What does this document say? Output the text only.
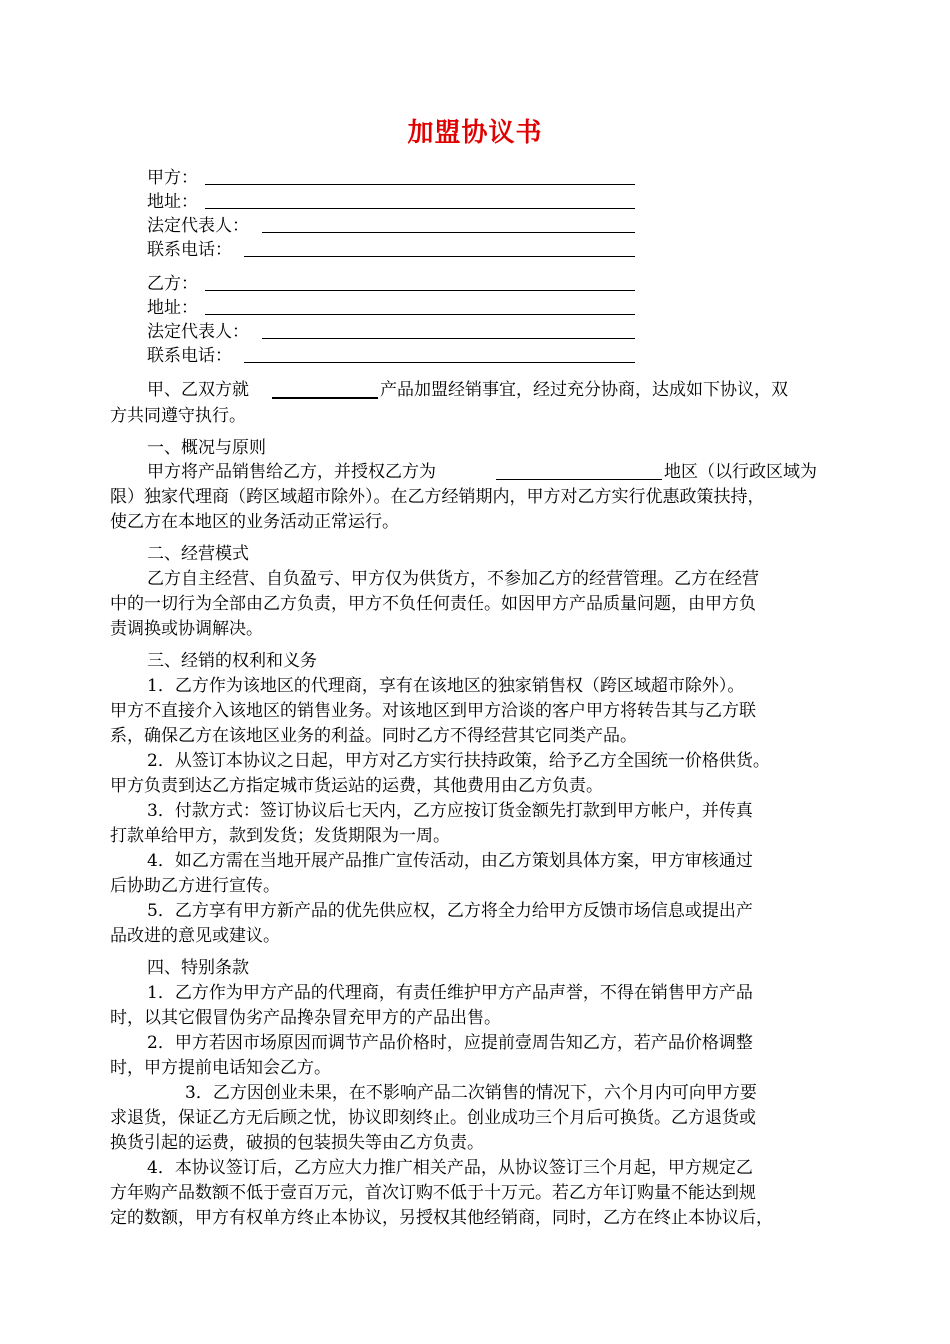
加盟协议书
甲方：
地址：
法定代表人：
联系电话：
乙方：
地址：
法定代表人：
联系电话：
甲、乙双方就	产品加盟经销事宜，经过充分协商，达成如下协议，双
方共同遵守执行。
一、概况与原则
甲方将产品销售给乙方，并授权乙方为	地区（以行政区域为
限）独家代理商（跨区域超市除外）。在乙方经销期内，甲方对乙方实行优惠政策扶持，
使乙方在本地区的业务活动正常运行。
二、经营模式
乙方自主经营、自负盈亏、甲方仅为供货方，不参加乙方的经营管理。乙方在经营
中的一切行为全部由乙方负责，甲方不负任何责任。如因甲方产品质量问题，由甲方负
责调换或协调解决。
三、经销的权利和义务
1．乙方作为该地区的代理商，享有在该地区的独家销售权（跨区域超市除外）。
甲方不直接介入该地区的销售业务。对该地区到甲方洽谈的客户甲方将转告其与乙方联
系，确保乙方在该地区业务的利益。同时乙方不得经营其它同类产品。
2．从签订本协议之日起，甲方对乙方实行扶持政策，给予乙方全国统一价格供货。
甲方负责到达乙方指定城市货运站的运费，其他费用由乙方负责。
3．付款方式：签订协议后七天内，乙方应按订货金额先打款到甲方帐户，并传真
打款单给甲方，款到发货；发货期限为一周。
4．如乙方需在当地开展产品推广宣传活动，由乙方策划具体方案，甲方审核通过
后协助乙方进行宣传。
5．乙方享有甲方新产品的优先供应权，乙方将全力给甲方反馈市场信息或提出产
品改进的意见或建议。
四、特别条款
1．乙方作为甲方产品的代理商，有责任维护甲方产品声誉，不得在销售甲方产品
时，以其它假冒伪劣产品搀杂冒充甲方的产品出售。
2．甲方若因市场原因而调节产品价格时，应提前壹周告知乙方，若产品价格调整
时，甲方提前电话知会乙方。
3．乙方因创业未果，在不影响产品二次销售的情况下，六个月内可向甲方要
求退货，保证乙方无后顾之忧，协议即刻终止。创业成功三个月后可换货。乙方退货或
换货引起的运费，破损的包装损失等由乙方负责。
4．本协议签订后，乙方应大力推广相关产品，从协议签订三个月起，甲方规定乙
方年购产品数额不低于壹百万元，首次订购不低于十万元。若乙方年订购量不能达到规
定的数额，甲方有权单方终止本协议，另授权其他经销商，同时，乙方在终止本协议后，
